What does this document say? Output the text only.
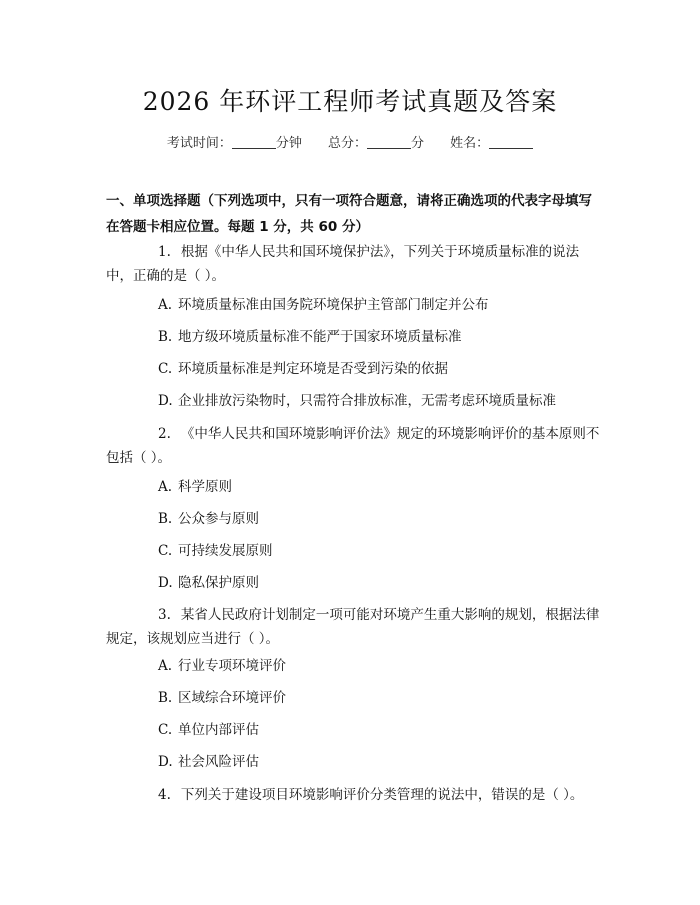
2026 年环评工程师考试真题及答案
考试时间：	分钟 总分：	分 姓名：
一、单项选择题（下列选项中，只有一项符合题意，请将正确选项的代表字母填写在答题卡相应位置。每题 1 分，共 60 分）
1. 根据《中华人民共和国环境保护法》，下列关于环境质量标准的说法中，正确的是（ ）。
A. 环境质量标准由国务院环境保护主管部门制定并公布
B. 地方级环境质量标准不能严于国家环境质量标准
C. 环境质量标准是判定环境是否受到污染的依据
D. 企业排放污染物时，只需符合排放标准，无需考虑环境质量标准
2. 《中华人民共和国环境影响评价法》规定的环境影响评价的基本原则不包括（ ）。
A. 科学原则
B. 公众参与原则
C. 可持续发展原则
D. 隐私保护原则
3. 某省人民政府计划制定一项可能对环境产生重大影响的规划，根据法律规定，该规划应当进行（ ）。
A. 行业专项环境评价
B. 区域综合环境评价
C. 单位内部评估
D. 社会风险评估
4. 下列关于建设项目环境影响评价分类管理的说法中，错误的是（ ）。
